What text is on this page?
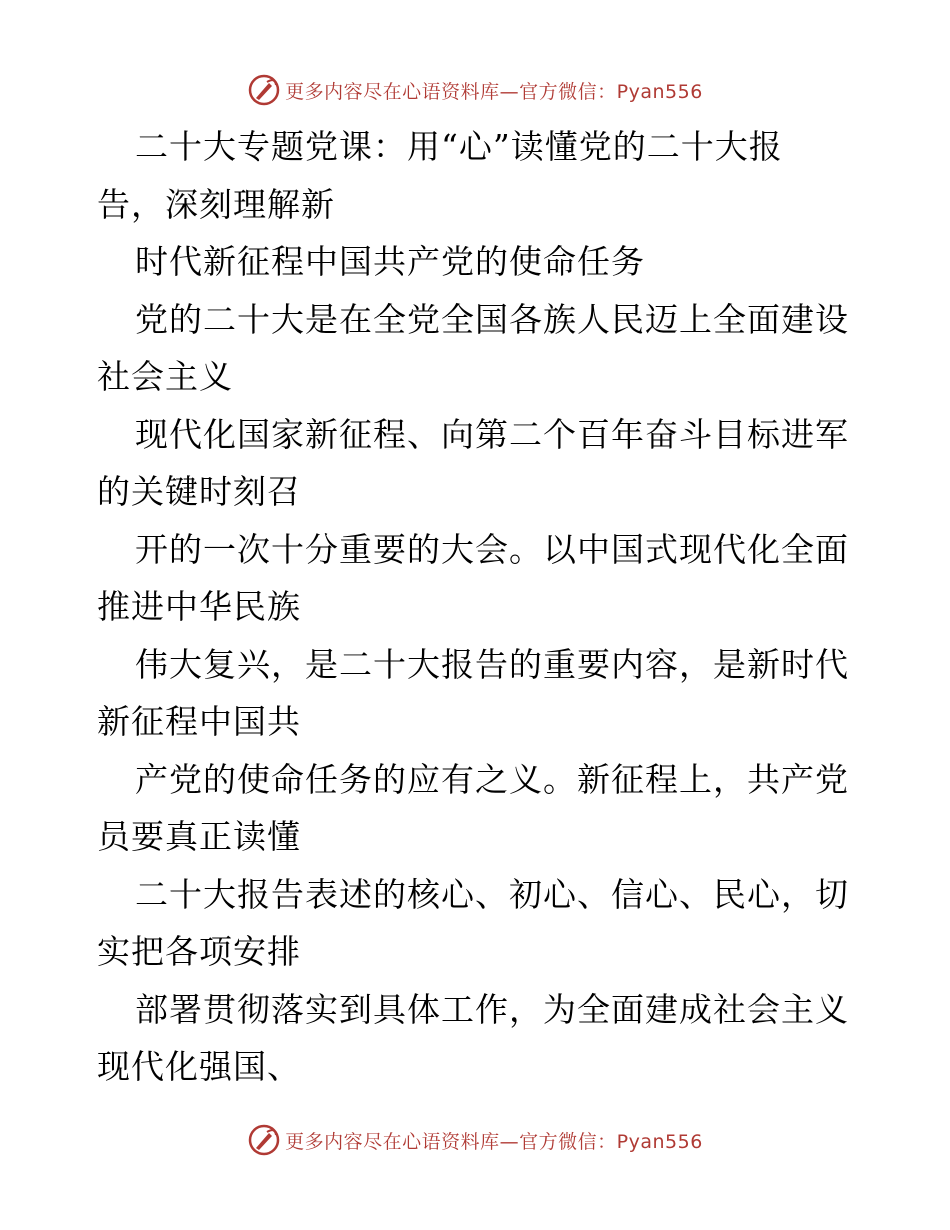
更多内容尽在心语资料库—官方微信：Pyan556
二十大专题党课：用“心”读懂党的二十大报
告，深刻理解新
时代新征程中国共产党的使命任务
党的二十大是在全党全国各族人民迈上全面建设
社会主义
现代化国家新征程、向第二个百年奋斗目标进军
的关键时刻召
开的一次十分重要的大会。以中国式现代化全面
推进中华民族
伟大复兴，是二十大报告的重要内容，是新时代
新征程中国共
产党的使命任务的应有之义。新征程上，共产党
员要真正读懂
二十大报告表述的核心、初心、信心、民心，切
实把各项安排
部署贯彻落实到具体工作，为全面建成社会主义
现代化强国、
更多内容尽在心语资料库—官方微信：Pyan556
